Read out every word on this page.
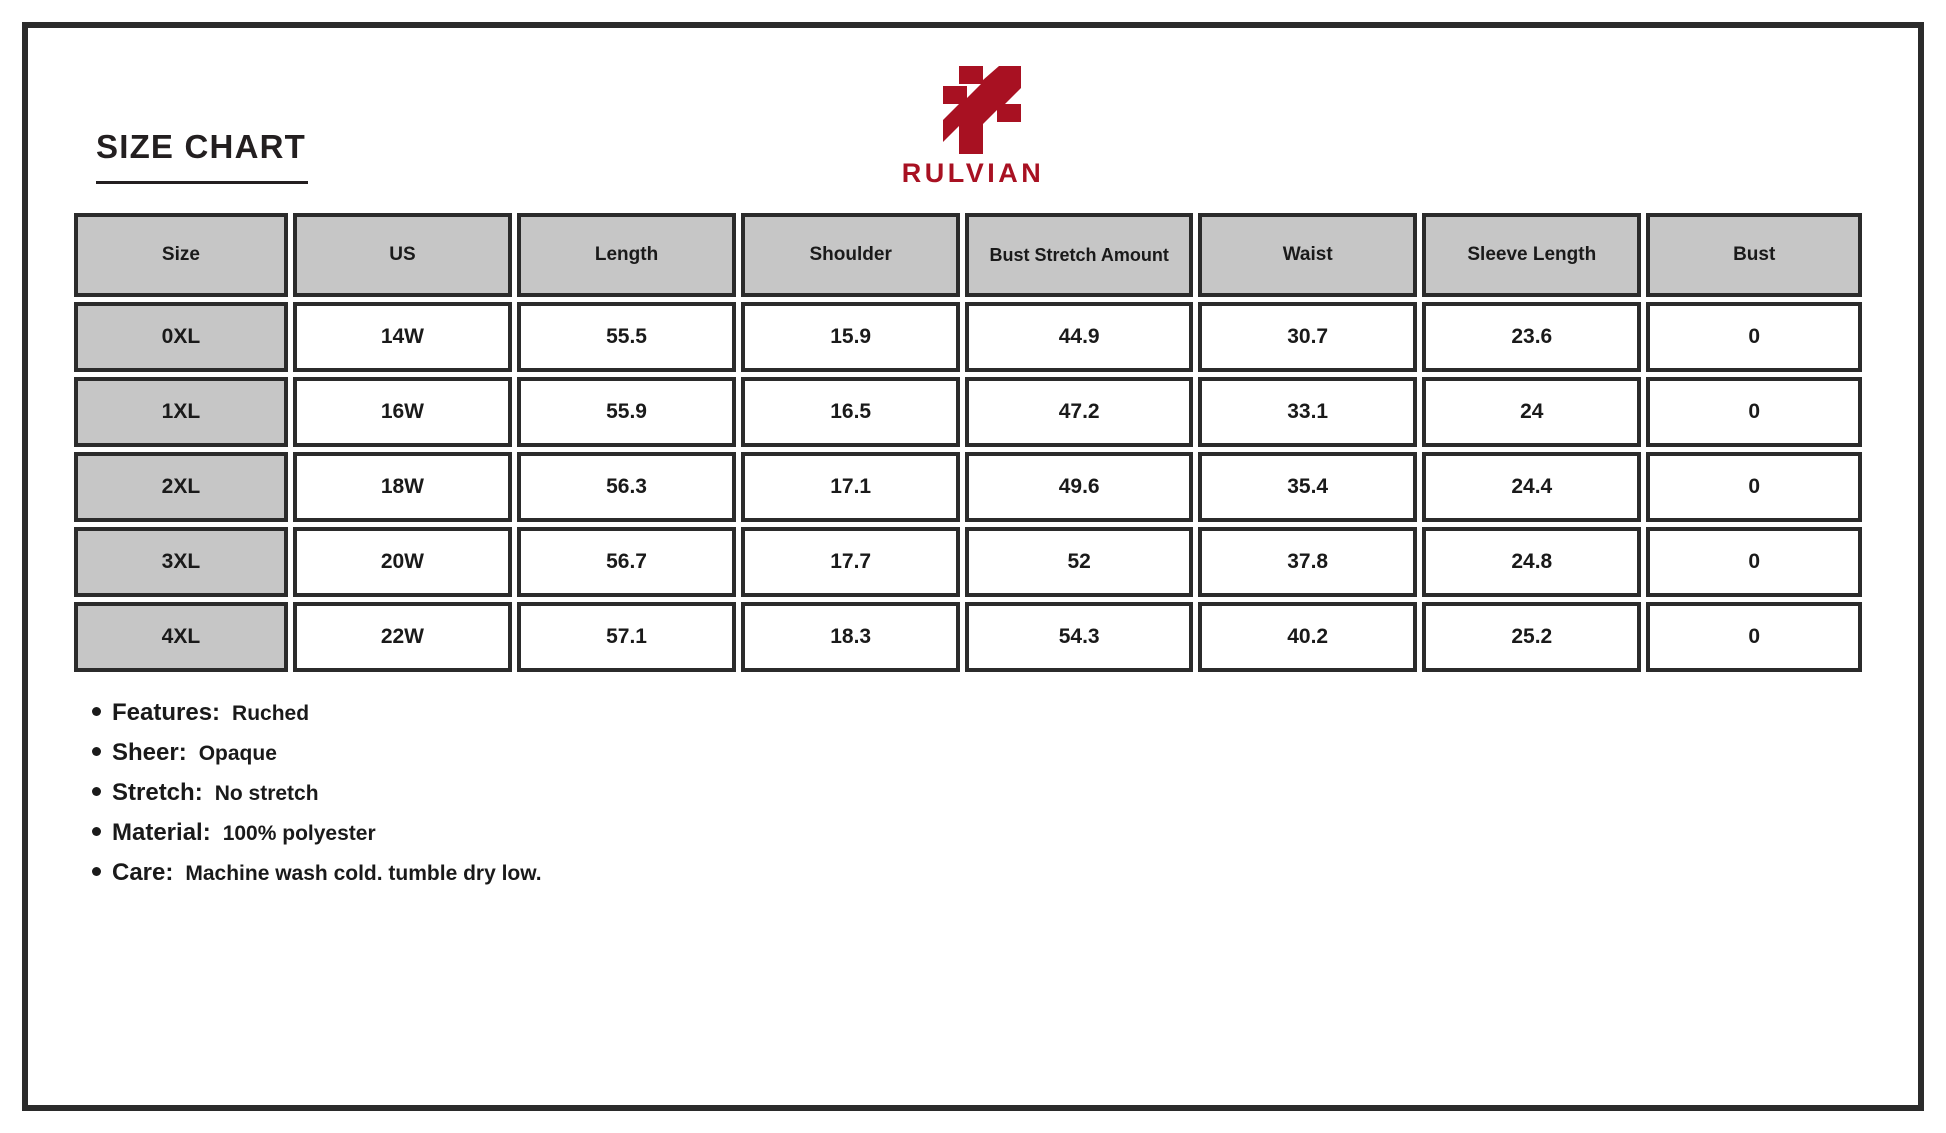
SIZE CHART
RULVIAN
Size	US	Length	Shoulder	Bust Stretch Amount	Waist	Sleeve Length	Bust
0XL	14W	55.5	15.9	44.9	30.7	23.6	0
1XL	16W	55.9	16.5	47.2	33.1	24	0
2XL	18W	56.3	17.1	49.6	35.4	24.4	0
3XL	20W	56.7	17.7	52	37.8	24.8	0
4XL	22W	57.1	18.3	54.3	40.2	25.2	0
Features: Ruched
Sheer: Opaque
Stretch: No stretch
Material: 100% polyester
Care: Machine wash cold. tumble dry low.
